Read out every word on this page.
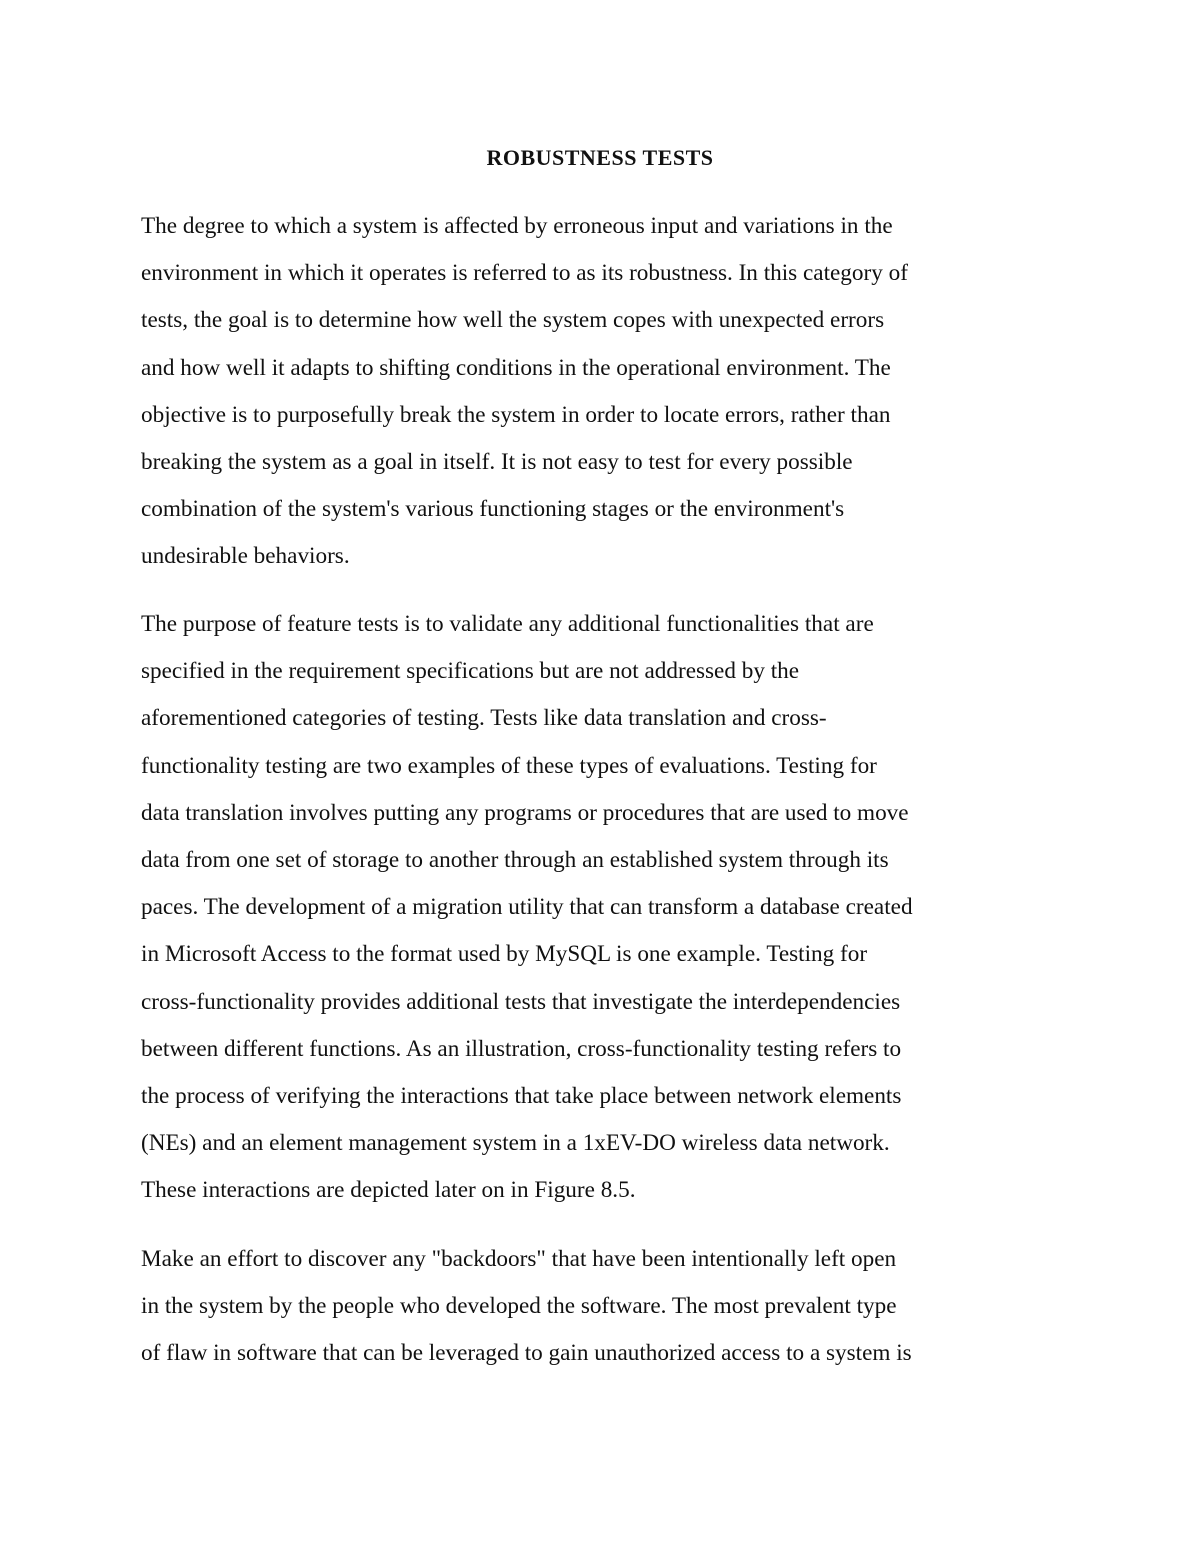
ROBUSTNESS TESTS

The degree to which a system is affected by erroneous input and variations in the
environment in which it operates is referred to as its robustness. In this category of
tests, the goal is to determine how well the system copes with unexpected errors
and how well it adapts to shifting conditions in the operational environment. The
objective is to purposefully break the system in order to locate errors, rather than
breaking the system as a goal in itself. It is not easy to test for every possible
combination of the system's various functioning stages or the environment's
undesirable behaviors.

The purpose of feature tests is to validate any additional functionalities that are
specified in the requirement specifications but are not addressed by the
aforementioned categories of testing. Tests like data translation and cross-
functionality testing are two examples of these types of evaluations. Testing for
data translation involves putting any programs or procedures that are used to move
data from one set of storage to another through an established system through its
paces. The development of a migration utility that can transform a database created
in Microsoft Access to the format used by MySQL is one example. Testing for
cross-functionality provides additional tests that investigate the interdependencies
between different functions. As an illustration, cross-functionality testing refers to
the process of verifying the interactions that take place between network elements
(NEs) and an element management system in a 1xEV-DO wireless data network.
These interactions are depicted later on in Figure 8.5.

Make an effort to discover any "backdoors" that have been intentionally left open
in the system by the people who developed the software. The most prevalent type
of flaw in software that can be leveraged to gain unauthorized access to a system is
